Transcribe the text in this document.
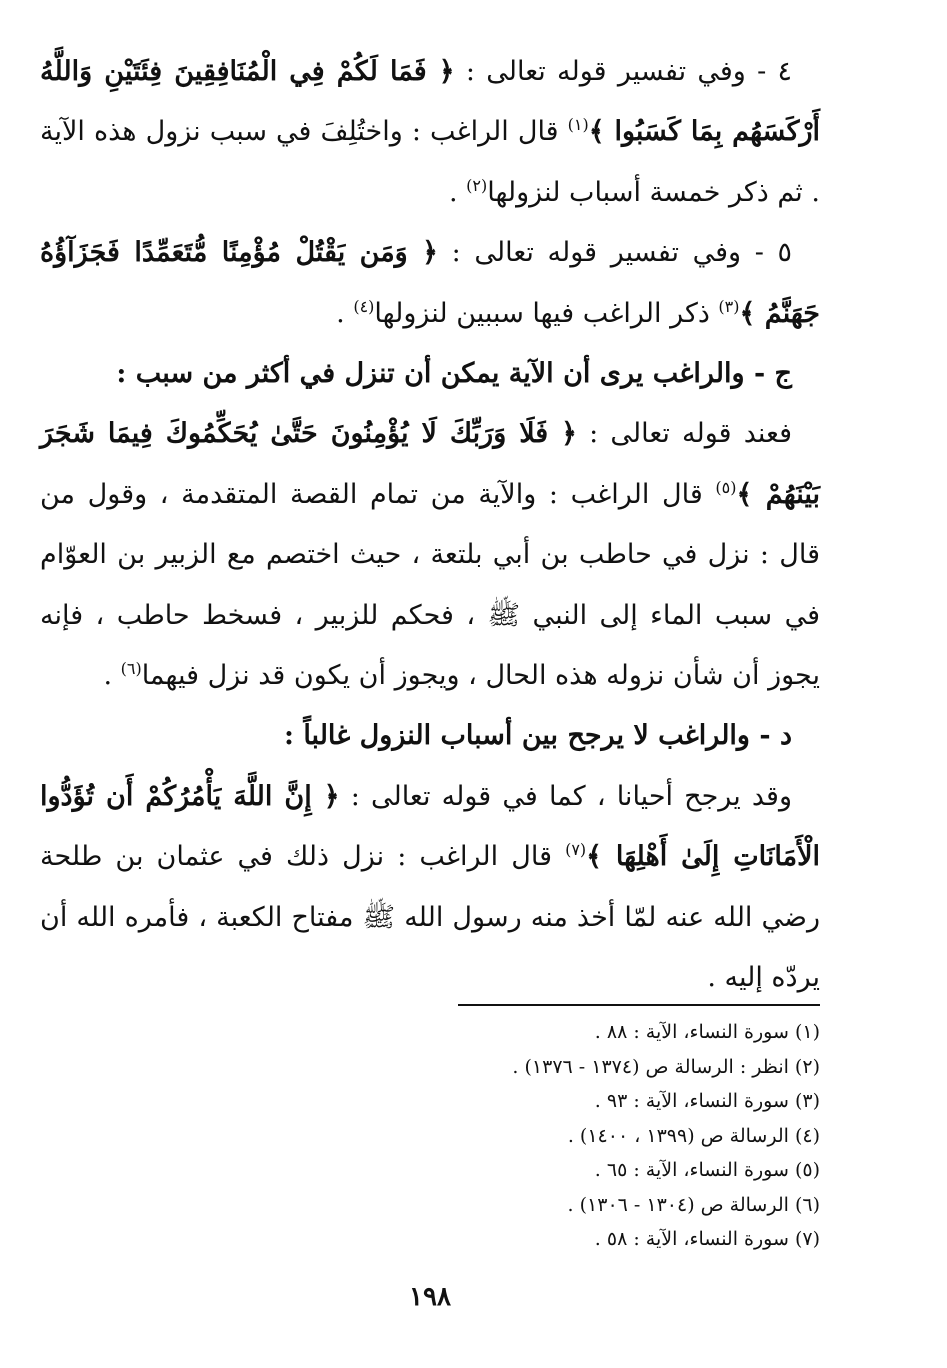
٤ - وفي تفسير قوله تعالى : ﴿ فَمَا لَكُمْ فِي الْمُنَافِقِينَ فِئَتَيْنِ وَاللَّهُ أَرْكَسَهُم بِمَا كَسَبُوا ﴾$^{(١)}$ قال الراغب : واختُلِفَ في سبب نزول هذه الآية . ثم ذكر خمسة أسباب لنزولها$^{(٢)}$ .

٥ - وفي تفسير قوله تعالى : ﴿ وَمَن يَقْتُلْ مُؤْمِنًا مُّتَعَمِّدًا فَجَزَآؤُهُ جَهَنَّمُ ﴾$^{(٣)}$ ذكر الراغب فيها سببين لنزولها$^{(٤)}$ .

ج - والراغب يرى أن الآية يمكن أن تنزل في أكثر من سبب :

فعند قوله تعالى : ﴿ فَلَا وَرَبِّكَ لَا يُؤْمِنُونَ حَتَّىٰ يُحَكِّمُوكَ فِيمَا شَجَرَ بَيْنَهُمْ ﴾$^{(٥)}$ قال الراغب : والآية من تمام القصة المتقدمة ، وقول من قال : نزل في حاطب بن أبي بلتعة ، حيث اختصم مع الزبير بن العوّام في سبب الماء إلى النبي ﷺ ، فحكم للزبير ، فسخط حاطب ، فإنه يجوز أن شأن نزوله هذه الحال ، ويجوز أن يكون قد نزل فيهما$^{(٦)}$ .

د - والراغب لا يرجح بين أسباب النزول غالباً :

وقد يرجح أحيانا ، كما في قوله تعالى : ﴿ إِنَّ اللَّهَ يَأْمُرُكُمْ أَن تُؤَدُّوا الْأَمَانَاتِ إِلَىٰ أَهْلِهَا ﴾$^{(٧)}$ قال الراغب : نزل ذلك في عثمان بن طلحة رضي الله عنه لمّا أخذ منه رسول الله ﷺ مفتاح الكعبة ، فأمره الله أن يردّه إليه .

(١) سورة النساء، الآية : ٨٨ .
(٢) انظر : الرسالة ص (١٣٧٤ - ١٣٧٦) .
(٣) سورة النساء، الآية : ٩٣ .
(٤) الرسالة ص (١٣٩٩ ، ١٤٠٠) .
(٥) سورة النساء، الآية : ٦٥ .
(٦) الرسالة ص (١٣٠٤ - ١٣٠٦) .
(٧) سورة النساء، الآية : ٥٨ .
١٩٨
